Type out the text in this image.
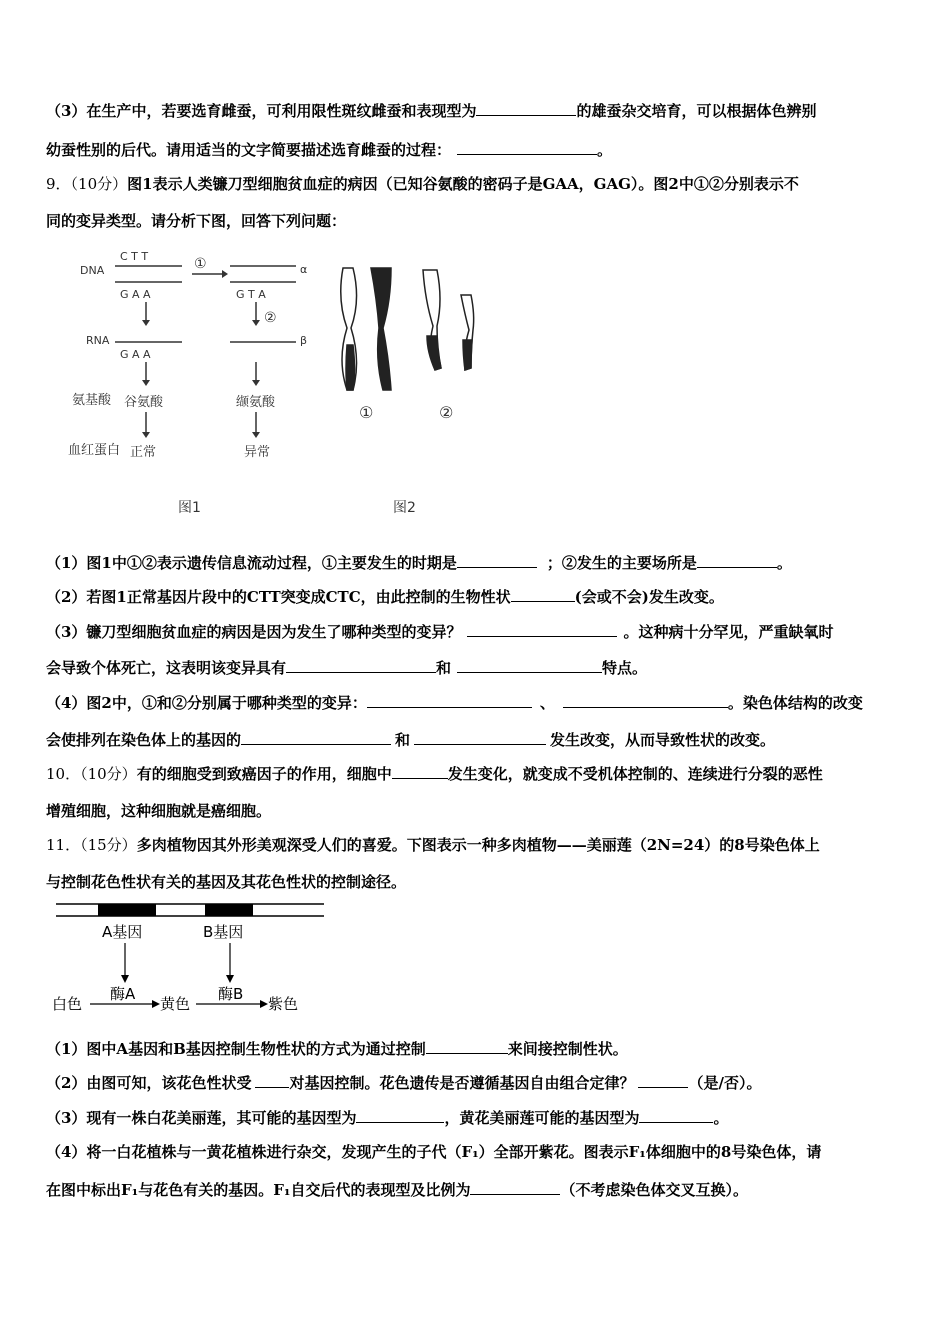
（3）在生产中，若要选育雌蚕，可利用限性斑纹雌蚕和表现型为	的雄蚕杂交培育，可以根据体色辨别
幼蚕性别的后代。请用适当的文字简要描述选育雌蚕的过程：	。
9．（10分）图1表示人类镰刀型细胞贫血症的病因（已知谷氨酸的密码子是GAA，GAG）。图2中①②分别表示不
同的变异类型。请分析下图，回答下列问题：
DNA
RNA
氨基酸
血红蛋白
C T T
G A A
G A A
G T A
α
β
①
②
谷氨酸	缬氨酸
正常	异常
图1
①	②
图2
（1）图1中①②表示遗传信息流动过程，①主要发生的时期是	；②发生的主要场所是	。
（2）若图1正常基因片段中的CTT突变成CTC，由此控制的生物性状	(会或不会)发生改变。
（3）镰刀型细胞贫血症的病因是因为发生了哪种类型的变异？	。这种病十分罕见，严重缺氧时
会导致个体死亡，这表明该变异具有	和	特点。
（4）图2中，①和②分别属于哪种类型的变异：	、	。染色体结构的改变
会使排列在染色体上的基因的	和	发生改变，从而导致性状的改变。
10．（10分）有的细胞受到致癌因子的作用，细胞中	发生变化，就变成不受机体控制的、连续进行分裂的恶性
增殖细胞，这种细胞就是癌细胞。
11．（15分）多肉植物因其外形美观深受人们的喜爱。下图表示一种多肉植物——美丽莲（2N=24）的8号染色体上
与控制花色性状有关的基因及其花色性状的控制途径。
A基因	B基因
白色
酶A
黄色
酶B
紫色
（1）图中A基因和B基因控制生物性状的方式为通过控制	来间接控制性状。
（2）由图可知，该花色性状受	对基因控制。花色遗传是否遵循基因自由组合定律？	（是/否）。
（3）现有一株白花美丽莲，其可能的基因型为	，黄花美丽莲可能的基因型为	。
（4）将一白花植株与一黄花植株进行杂交，发现产生的子代（F₁）全部开紫花。图表示F₁体细胞中的8号染色体，请
在图中标出F₁与花色有关的基因。F₁自交后代的表现型及比例为	（不考虑染色体交叉互换）。
